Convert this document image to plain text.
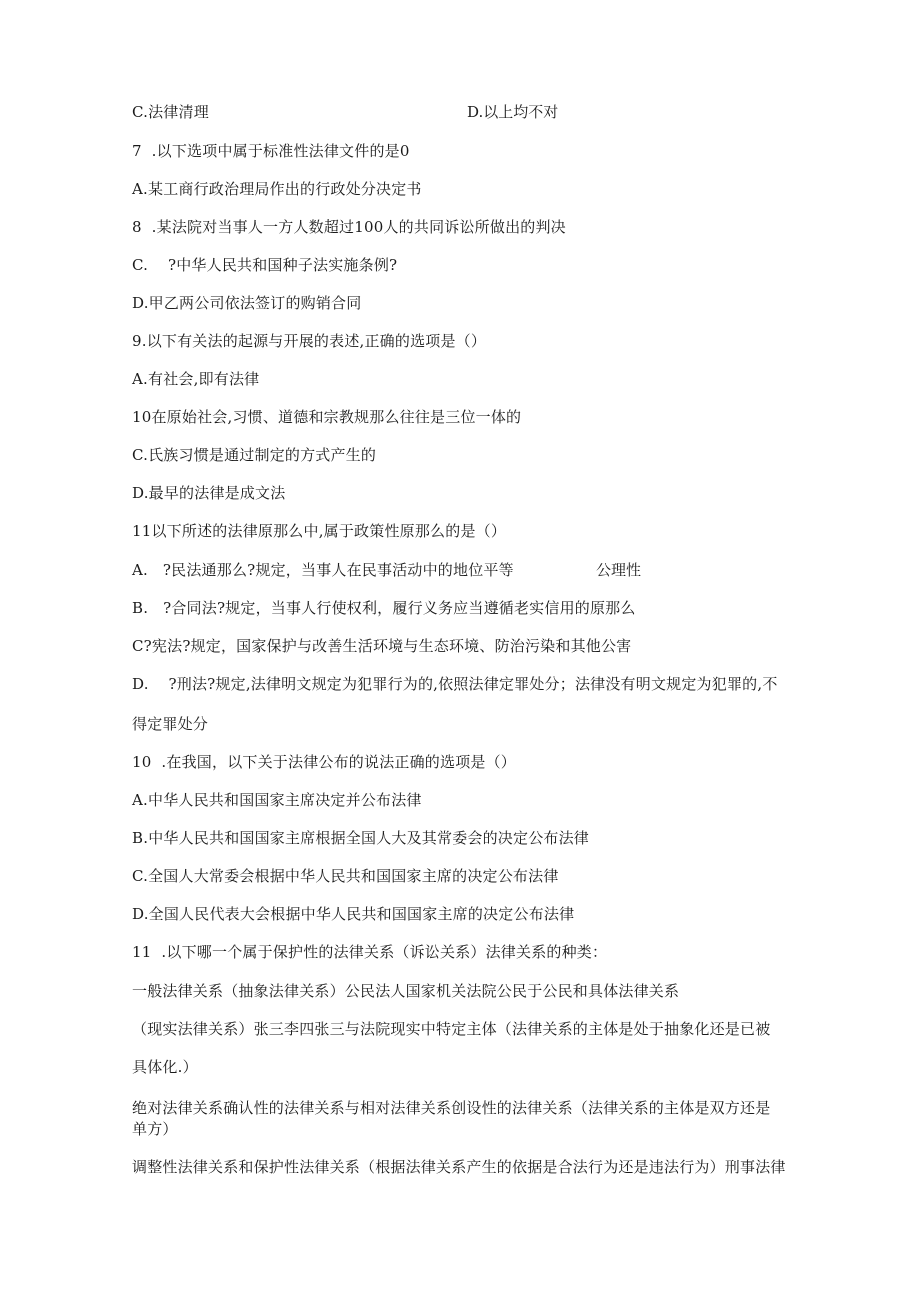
C.法律清理	D.以上均不对
7  .以下选项中属于标准性法律文件的是0
A.某工商行政治理局作出的行政处分决定书
8  .某法院对当事人一方人数超过100人的共同诉讼所做出的判决
C.    ?中华人民共和国种子法实施条例?
D.甲乙两公司依法签订的购销合同
9.以下有关法的起源与开展的表述,正确的选项是（）
A.有社会,即有法律
10在原始社会,习惯、道德和宗教规那么往往是三位一体的
C.氏族习惯是通过制定的方式产生的
D.最早的法律是成文法
11以下所述的法律原那么中,属于政策性原那么的是（）
A.   ?民法通那么?规定，当事人在民事活动中的地位平等	公理性
B.   ?合同法?规定，当事人行使权利，履行义务应当遵循老实信用的原那么
C?宪法?规定，国家保护与改善生活环境与生态环境、防治污染和其他公害
D.    ?刑法?规定,法律明文规定为犯罪行为的,依照法律定罪处分；法律没有明文规定为犯罪的,不
得定罪处分
10  .在我国，以下关于法律公布的说法正确的选项是（）
A.中华人民共和国国家主席决定并公布法律
B.中华人民共和国国家主席根据全国人大及其常委会的决定公布法律
C.全国人大常委会根据中华人民共和国国家主席的决定公布法律
D.全国人民代表大会根据中华人民共和国国家主席的决定公布法律
11  .以下哪一个属于保护性的法律关系（诉讼关系）法律关系的种类：
一般法律关系（抽象法律关系）公民法人国家机关法院公民于公民和具体法律关系
（现实法律关系）张三李四张三与法院现实中特定主体（法律关系的主体是处于抽象化还是已被
具体化.）
绝对法律关系确认性的法律关系与相对法律关系创设性的法律关系（法律关系的主体是双方还是
单方）
调整性法律关系和保护性法律关系（根据法律关系产生的依据是合法行为还是违法行为）刑事法律
